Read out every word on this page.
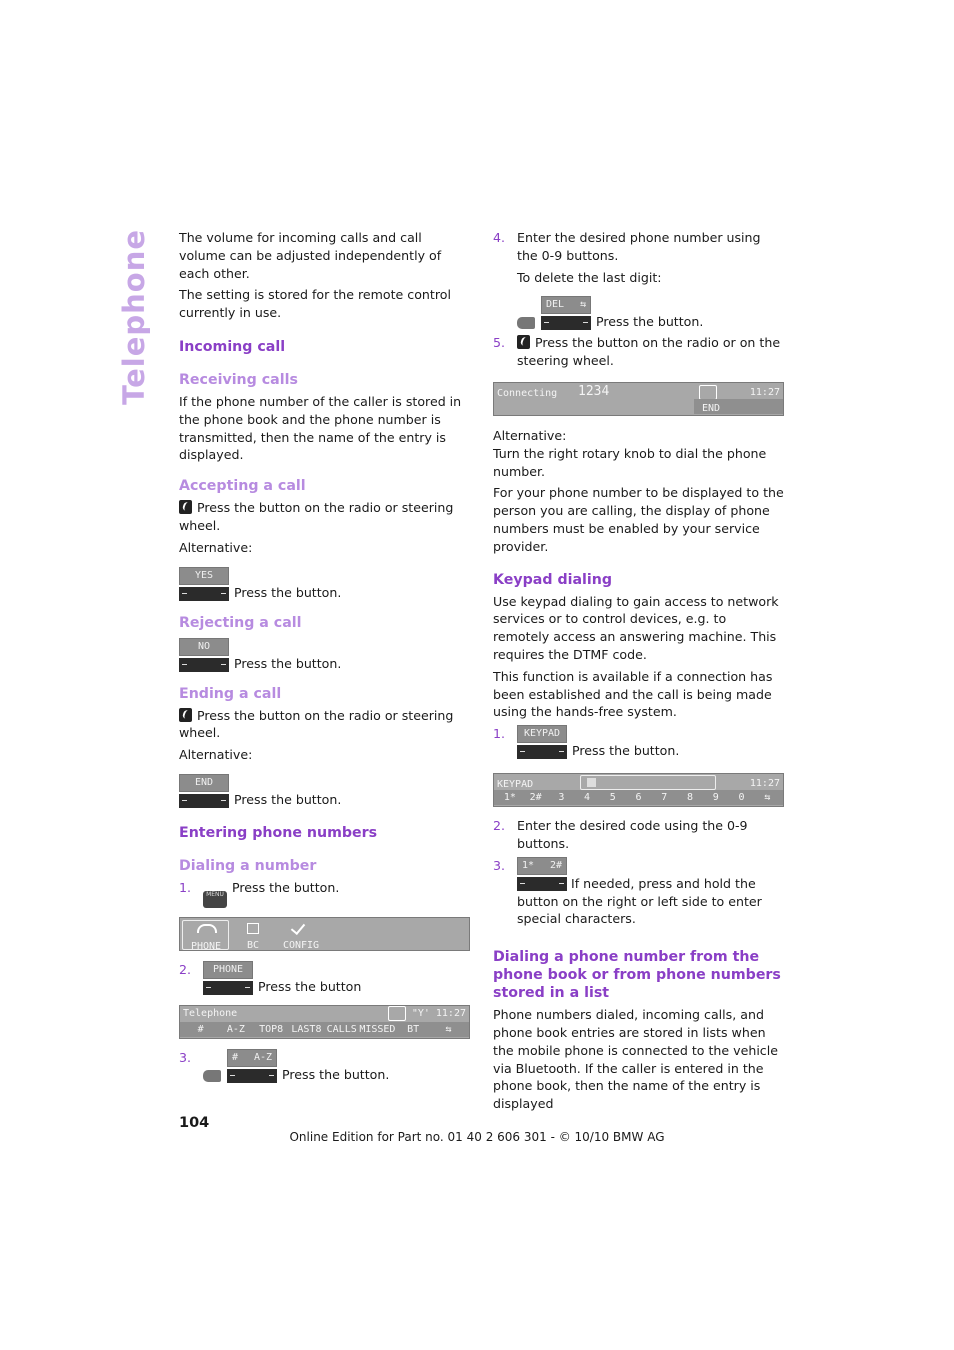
Telephone The volume for incoming calls and call volume can be adjusted independently of each other.

The setting is stored for the remote control currently in use.

Incoming call
Receiving calls

If the phone number of the caller is stored in the phone book and the phone number is transmitted, then the name of the entry is displayed.

Accepting a call

Press the button on the radio or steering wheel.

Alternative:

YES
Press the button.
Rejecting a call
NO
Press the button.
Ending a call

Press the button on the radio or steering wheel.

Alternative:

END
Press the button.
Entering phone numbers
Dialing a number
1.	MENU Press the button.
PHONE	BC	CONFIG
2.	PHONE
Press the button
Telephone	"Y' 11:27
#	A-Z	TOP8 LAST8 CALLS MISSED	BT	⇆
3.	# A-Z
Press the button.
4. Enter the desired phone number using the 0-9 buttons.

To delete the last digit:

DEL ⇆
Press the button.
5.	Press the button on the radio or on the steering wheel.

Connecting 1234	11:27
END

Alternative:

Turn the right rotary knob to dial the phone number.

For your phone number to be displayed to the person you are calling, the display of phone numbers must be enabled by your service provider.

Keypad dialing

Use keypad dialing to gain access to network services or to control devices, e.g. to remotely access an answering machine. This requires the DTMF code.

This function is available if a connection has been established and the call is being made using the hands-free system.

1.	KEYPAD
Press the button.
KEYPAD	11:27
1*	2#	3	4	5	6	7	8	9	0	⇆
2. Enter the desired code using the 0-9 buttons.

3.	1* 2#

If needed, press and hold the button on the right or left side to enter special characters.

Dialing a phone number from the phone book or from phone numbers stored in a list

Phone numbers dialed, incoming calls, and phone book entries are stored in lists when the mobile phone is connected to the vehicle via Bluetooth. If the caller is entered in the phone book, then the name of the entry is displayed

104
Online Edition for Part no. 01 40 2 606 301 - © 10/10 BMW AG
